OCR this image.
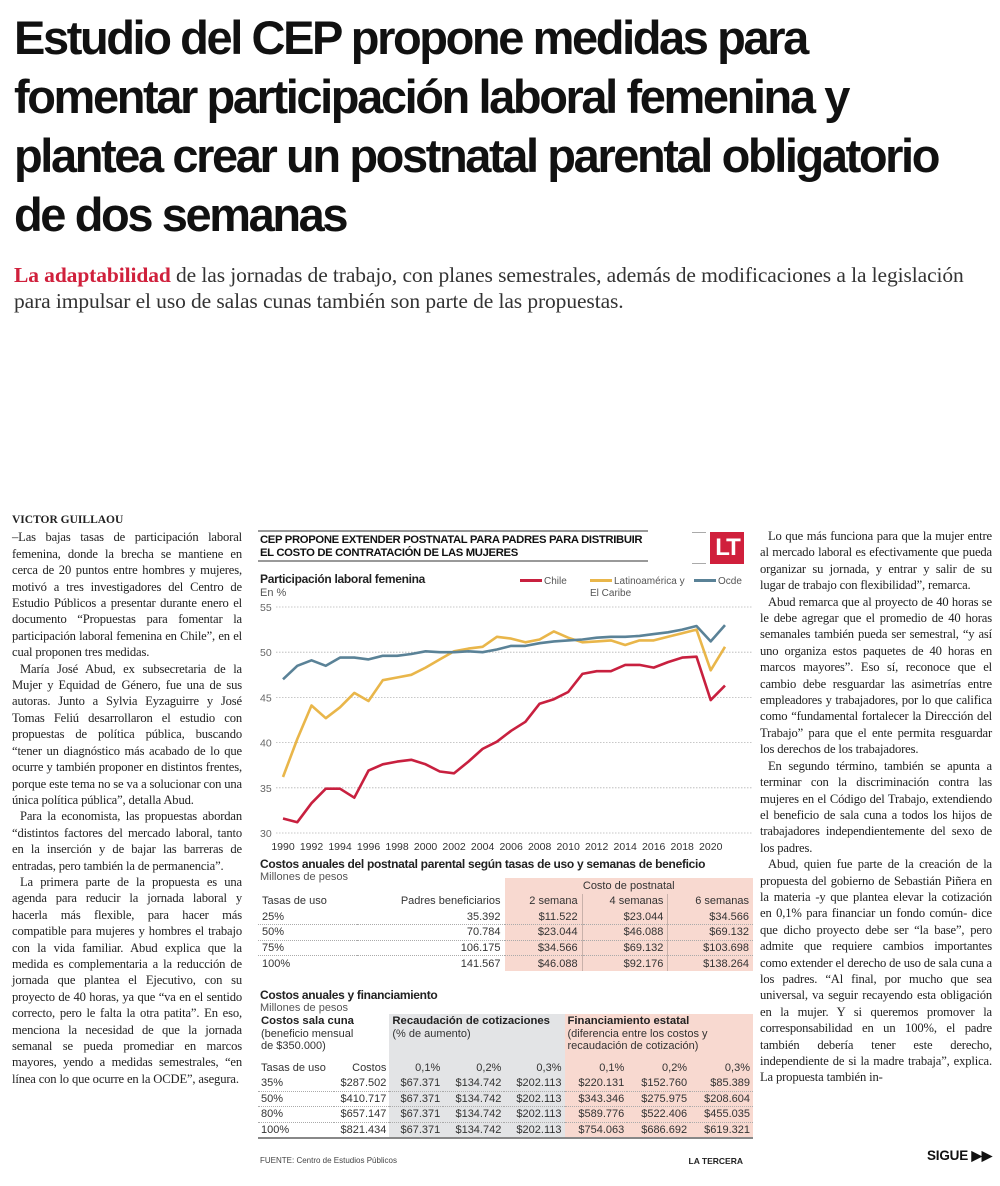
Estudio del CEP propone medidas para fomentar participación laboral femenina y plantea crear un postnatal parental obligatorio de dos semanas

La adaptabilidad de las jornadas de trabajo, con planes semestrales, además de modificaciones a la legislación para impulsar el uso de salas cunas también son parte de las propuestas.

VICTOR GUILLAOU

–Las bajas tasas de participación laboral femenina, donde la brecha se mantiene en cerca de 20 puntos entre hombres y mujeres, motivó a tres investigadores del Centro de Estudio Públicos a presentar durante enero el documento “Propuestas para fomentar la participación laboral femenina en Chile”, en el cual proponen tres medidas.

María José Abud, ex subsecretaria de la Mujer y Equidad de Género, fue una de sus autoras. Junto a Sylvia Eyzaguirre y José Tomas Feliú desarrollaron el estudio con propuestas de política pública, buscando “tener un diagnóstico más acabado de lo que ocurre y también proponer en distintos frentes, porque este tema no se va a solucionar con una única política pública”, detalla Abud.

Para la economista, las propuestas abordan “distintos factores del mercado laboral, tanto en la inserción y de bajar las barreras de entradas, pero también la de permanencia”.

La primera parte de la propuesta es una agenda para reducir la jornada laboral y hacerla más flexible, para hacer más compatible para mujeres y hombres el trabajo con la vida familiar. Abud explica que la medida es complementaria a la reducción de jornada que plantea el Ejecutivo, con su proyecto de 40 horas, ya que “va en el sentido correcto, pero le falta la otra patita”. En eso, menciona la necesidad de que la jornada semanal se pueda promediar en marcos mayores, yendo a medidas semestrales, “en línea con lo que ocurre en la OCDE”, asegura.

CEP PROPONE EXTENDER POSTNATAL PARA PADRES PARA DISTRIBUIR EL COSTO DE CONTRATACIÓN DE LAS MUJERES	LT
Participación laboral femenina
En %
Chile	Latinoamérica y El Caribe
Ocde
30
35
40
45
50
55
1990 1992 1994 1996 1998 2000 2002 2004 2006 2008 2010 2012 2014 2016 2018 2020
Costos anuales del postnatal parental según tasas de uso y semanas de beneficio
Millones de pesos
		Costo de postnatal		
Tasas de uso	Padres beneficiarios	2 semana	4 semanas	6 semanas
25%	35.392	$11.522	$23.044	$34.566
50%	70.784	$23.044	$46.088	$69.132
75%	106.175	$34.566	$69.132	$103.698
100%	141.567	$46.088	$92.176	$138.264
Costos anuales y financiamiento
Millones de pesos
Costos sala cuna
(beneficio mensual de $350.000)		Recaudación de cotizaciones
(% de aumento)			Financiamiento estatal
(diferencia entre los costos y recaudación de cotización)		
Tasas de uso	Costos	0,1%	0,2%	0,3%	0,1%	0,2%	0,3%
35%	$287.502	$67.371	$134.742	$202.113	$220.131	$152.760	$85.389
50%	$410.717	$67.371	$134.742	$202.113	$343.346	$275.975	$208.604
80%	$657.147	$67.371	$134.742	$202.113	$589.776	$522.406	$455.035
100%	$821.434	$67.371	$134.742	$202.113	$754.063	$686.692	$619.321
FUENTE: Centro de Estudios Públicos	LA TERCERA

Lo que más funciona para que la mujer entre al mercado laboral es efectivamente que pueda organizar su jornada, y entrar y salir de su lugar de trabajo con flexibilidad”, remarca.

Abud remarca que al proyecto de 40 horas se le debe agregar que el promedio de 40 horas semanales también pueda ser semestral, “y así uno organiza estos paquetes de 40 horas en marcos mayores”. Eso sí, reconoce que el cambio debe resguardar las asimetrías entre empleadores y trabajadores, por lo que califica como “fundamental fortalecer la Dirección del Trabajo” para que el ente permita resguardar los derechos de los trabajadores.

En segundo término, también se apunta a terminar con la discriminación contra las mujeres en el Código del Trabajo, extendiendo el beneficio de sala cuna a todos los hijos de trabajadores independientemente del sexo de los padres.

Abud, quien fue parte de la creación de la propuesta del gobierno de Sebastián Piñera en la materia -y que plantea elevar la cotización en 0,1% para financiar un fondo común- dice que dicho proyecto debe ser “la base”, pero admite que requiere cambios importantes como extender el derecho de uso de sala cuna a los padres. “Al final, por mucho que sea universal, va seguir recayendo esta obligación en la mujer. Y si queremos promover la corresponsabilidad en un 100%, el padre también debería tener este derecho, independiente de si la madre trabaja”, explica. La propuesta también in-

SIGUE ▶▶
